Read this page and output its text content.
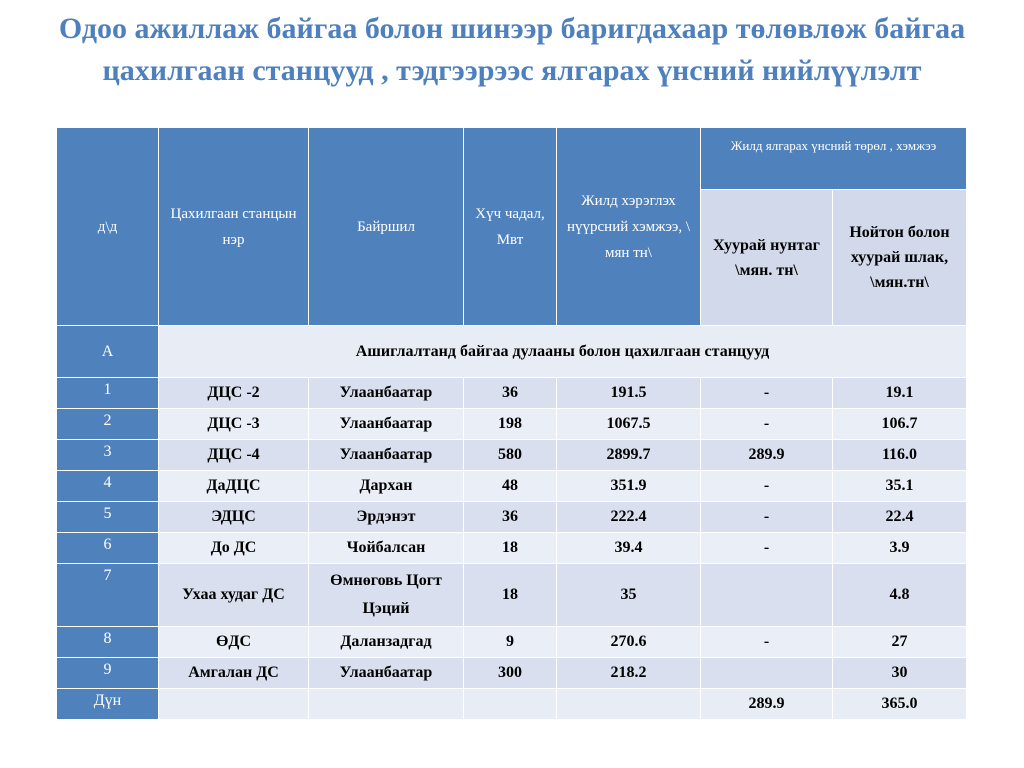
Одоо ажиллаж байгаа болон шинээр баригдахаар төлөвлөж байгаа цахилгаан станцууд , тэдгээрээс ялгарах үнсний нийлүүлэлт
д\д	Цахилгаан станцын нэр	Байршил	Хүч чадал, Мвт	Жилд хэрэглэх нүүрсний хэмжээ, \ мян тн\	Жилд ялгарах үнсний төрөл , хэмжээ	
					Хуурай нунтаг \мян. тн\	Нойтон болон хуурай шлак, \мян.тн\
А	Ашиглалтанд байгаа дулааны болон цахилгаан станцууд					
1	ДЦС -2	Улаанбаатар	36	191.5	-	19.1
2	ДЦС -3	Улаанбаатар	198	1067.5	-	106.7
3	ДЦС -4	Улаанбаатар	580	2899.7	289.9	116.0
4	ДаДЦС	Дархан	48	351.9	-	35.1
5	ЭДЦС	Эрдэнэт	36	222.4	-	22.4
6	До ДС	Чойбалсан	18	39.4	-	3.9
7	Ухаа худаг ДС	Өмнөговь Цогт Цэций	18	35		4.8
8	ӨДС	Даланзадгад	9	270.6	-	27
9	Амгалан ДС	Улаанбаатар	300	218.2		30
Дүн					289.9	365.0
